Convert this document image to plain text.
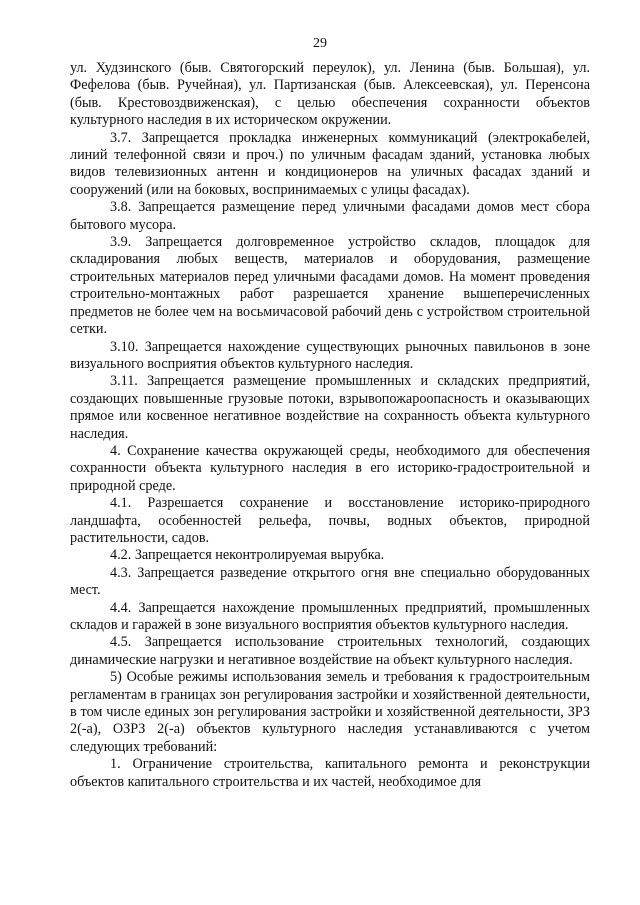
29

ул. Худзинского (быв. Святогорский переулок), ул. Ленина (быв. Большая), ул. Фефелова (быв. Ручейная), ул. Партизанская (быв. Алексеевская), ул. Перенсона (быв. Крестовоздвиженская), с целью обеспечения сохранности объектов культурного наследия в их историческом окружении.

3.7. Запрещается прокладка инженерных коммуникаций (электрокабелей, линий телефонной связи и проч.) по уличным фасадам зданий, установка любых видов телевизионных антенн и кондиционеров на уличных фасадах зданий и сооружений (или на боковых, воспринимаемых с улицы фасадах).

3.8. Запрещается размещение перед уличными фасадами домов мест сбора бытового мусора.

3.9. Запрещается долговременное устройство складов, площадок для складирования любых веществ, материалов и оборудования, размещение строительных материалов перед уличными фасадами домов. На момент проведения строительно-монтажных работ разрешается хранение вышеперечисленных предметов не более чем на восьмичасовой рабочий день с устройством строительной сетки.

3.10. Запрещается нахождение существующих рыночных павильонов в зоне визуального восприятия объектов культурного наследия.

3.11. Запрещается размещение промышленных и складских предприятий, создающих повышенные грузовые потоки, взрывопожароопасность и оказывающих прямое или косвенное негативное воздействие на сохранность объекта культурного наследия.

4. Сохранение качества окружающей среды, необходимого для обеспечения сохранности объекта культурного наследия в его историко-градостроительной и природной среде.

4.1. Разрешается сохранение и восстановление историко-природного ландшафта, особенностей рельефа, почвы, водных объектов, природной растительности, садов.

4.2. Запрещается неконтролируемая вырубка.

4.3. Запрещается разведение открытого огня вне специально оборудованных мест.

4.4. Запрещается нахождение промышленных предприятий, промышленных складов и гаражей в зоне визуального восприятия объектов культурного наследия.

4.5. Запрещается использование строительных технологий, создающих динамические нагрузки и негативное воздействие на объект культурного наследия.

5) Особые режимы использования земель и требования к градостроительным регламентам в границах зон регулирования застройки и хозяйственной деятельности, в том числе единых зон регулирования застройки и хозяйственной деятельности, ЗРЗ 2(-а), ОЗРЗ 2(-а) объектов культурного наследия устанавливаются с учетом следующих требований:

1. Ограничение строительства, капитального ремонта и реконструкции объектов капитального строительства и их частей, необходимое для
